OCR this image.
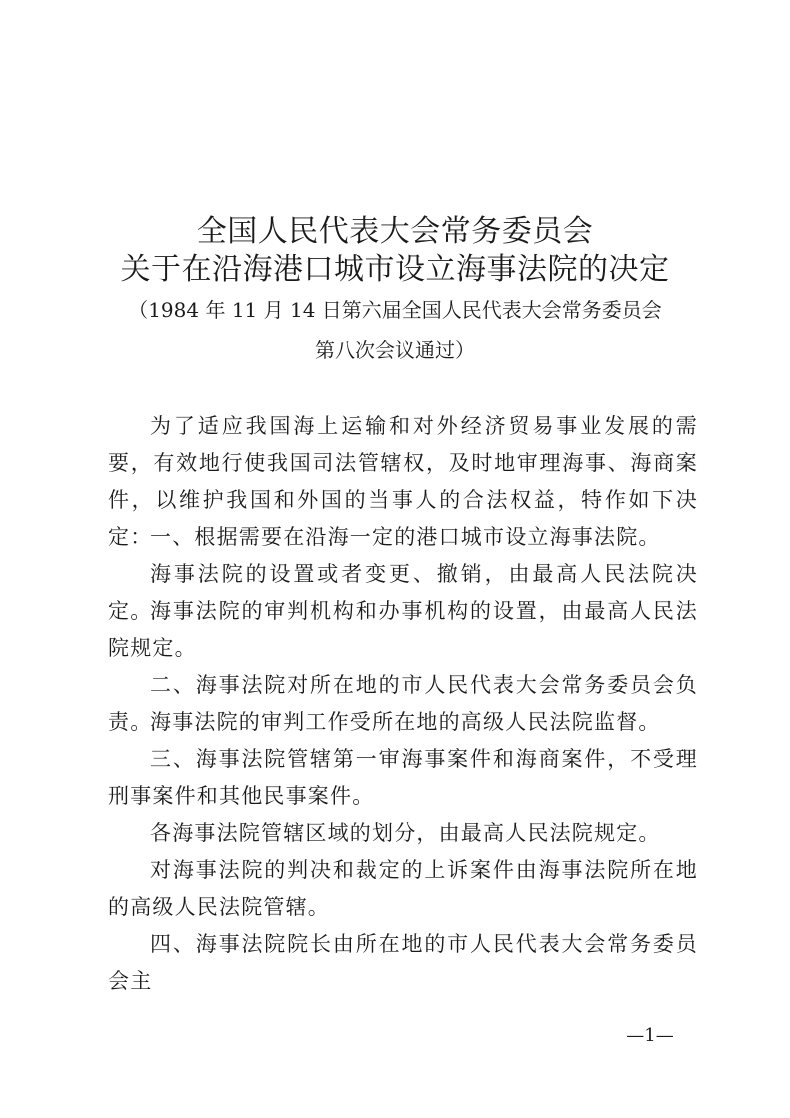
全国人民代表大会常务委员会
关于在沿海港口城市设立海事法院的决定
（1984 年 11 月 14 日第六届全国人民代表大会常务委员会
第八次会议通过）

为了适应我国海上运输和对外经济贸易事业发展的需要，有效地行使我国司法管辖权，及时地审理海事、海商案件，以维护我国和外国的当事人的合法权益，特作如下决定：

一、根据需要在沿海一定的港口城市设立海事法院。

海事法院的设置或者变更、撤销，由最高人民法院决定。

海事法院的审判机构和办事机构的设置，由最高人民法院规定。

二、海事法院对所在地的市人民代表大会常务委员会负责。

海事法院的审判工作受所在地的高级人民法院监督。

三、海事法院管辖第一审海事案件和海商案件，不受理刑事案件和其他民事案件。

各海事法院管辖区域的划分，由最高人民法院规定。

对海事法院的判决和裁定的上诉案件由海事法院所在地的高级人民法院管辖。

四、海事法院院长由所在地的市人民代表大会常务委员会主

—1—
